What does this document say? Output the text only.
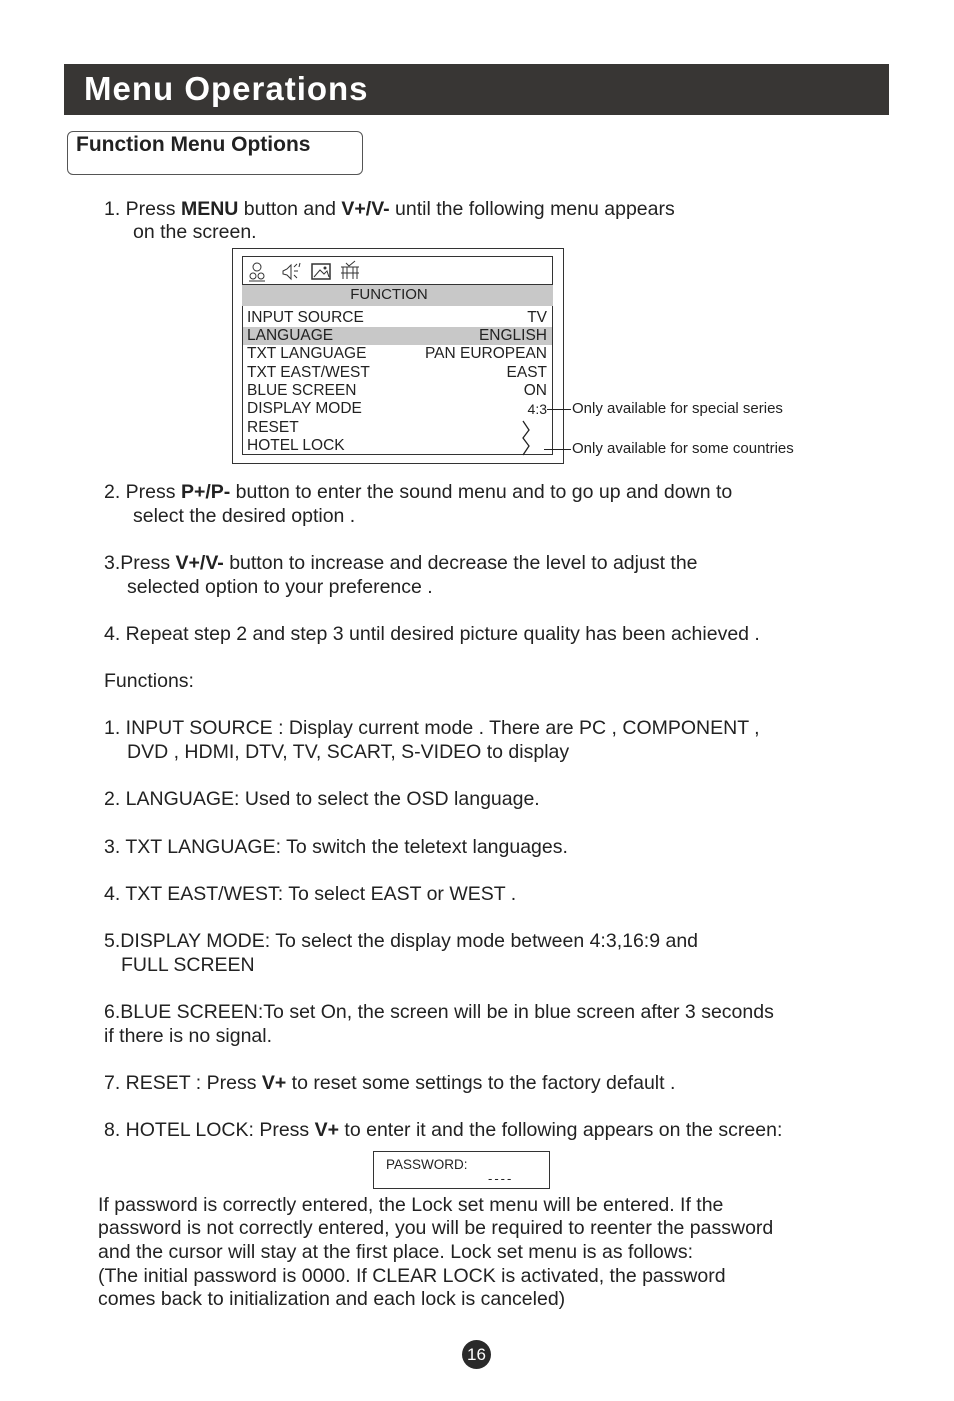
Menu Operations
Function Menu Options
1. Press MENU button and V+/V- until the following menu appears
on the screen.
FUNCTION
INPUT SOURCE	TV
LANGUAGE	ENGLISH
TXT LANGUAGE	PAN EUROPEAN
TXT EAST/WEST	EAST
BLUE SCREEN	ON
DISPLAY MODE	4:3
RESET
HOTEL LOCK
Only available for special series
Only available for some countries
2. Press P+/P- button to enter the sound menu and to go up and down to
select the desired option .
3.Press V+/V- button to increase and decrease the level to adjust the
selected option to your preference .
4. Repeat step 2 and step 3 until desired picture quality has been achieved .
Functions:
1. INPUT SOURCE : Display current mode . There are PC , COMPONENT ,
DVD , HDMI, DTV, TV, SCART, S-VIDEO to display
2. LANGUAGE: Used to select the OSD language.
3. TXT LANGUAGE: To switch the teletext languages.
4. TXT EAST/WEST: To select EAST or WEST .
5.DISPLAY MODE: To select the display mode between 4:3,16:9 and
FULL SCREEN
6.BLUE SCREEN:To set On, the screen will be in blue screen after 3 seconds
if there is no signal.
7. RESET : Press V+ to reset some settings to the factory default .
8. HOTEL LOCK: Press V+ to enter it and the following appears on the screen:
PASSWORD:
----
If password is correctly entered, the Lock set menu will be entered. If the
password is not correctly entered, you will be required to reenter the password
and the cursor will stay at the first place. Lock set menu is as follows:
(The initial password is 0000. If CLEAR LOCK is activated, the password
comes back to initialization and each lock is canceled)
16
